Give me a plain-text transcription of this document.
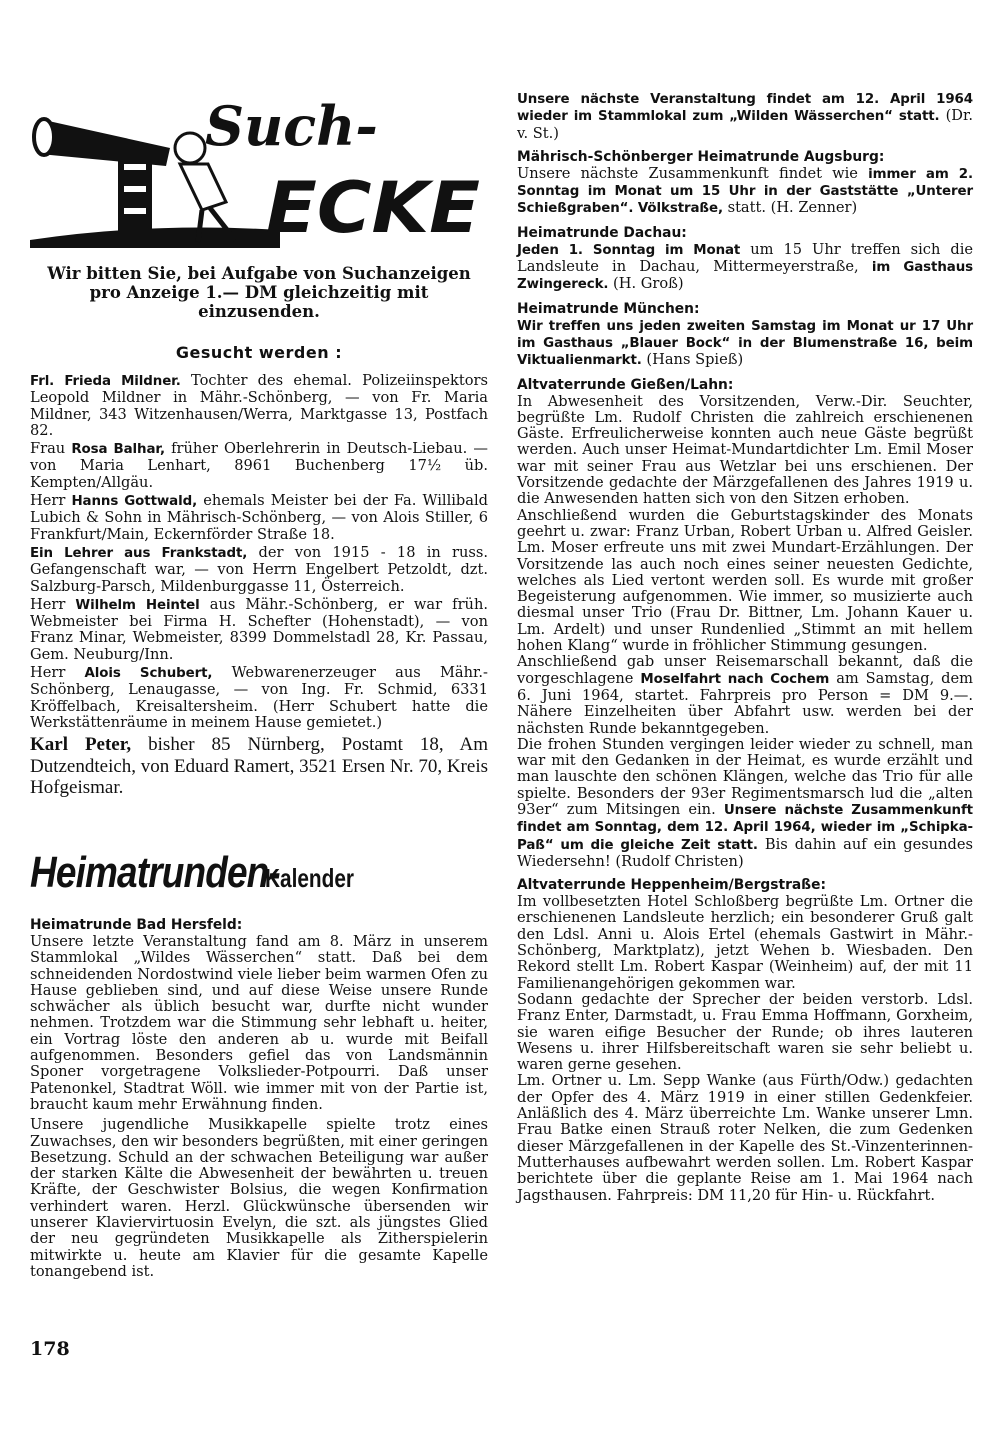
Such-
ECKE
Wir bitten Sie, bei Aufgabe von Suchanzeigen pro Anzeige 1.— DM gleichzeitig mit einzusenden.
Gesucht werden :

Frl. Frieda Mildner. Tochter des ehemal. Polizeiinspektors Leopold Mildner in Mähr.-Schönberg, — von Fr. Maria Mildner, 343 Witzenhausen/Werra, Marktgasse 13, Postfach 82.

Frau Rosa Balhar, früher Oberlehrerin in Deutsch-Liebau. — von Maria Lenhart, 8961 Buchenberg 17½ üb. Kempten/Allgäu.

Herr Hanns Gottwald, ehemals Meister bei der Fa. Willibald Lubich & Sohn in Mährisch-Schönberg, — von Alois Stiller, 6 Frankfurt/Main, Eckernförder Straße 18.

Ein Lehrer aus Frankstadt, der von 1915 - 18 in russ. Gefangenschaft war, — von Herrn Engelbert Petzoldt, dzt. Salzburg-Parsch, Mildenburggasse 11, Österreich.

Herr Wilhelm Heintel aus Mähr.-Schönberg, er war früh. Webmeister bei Firma H. Schefter (Hohenstadt), — von Franz Minar, Webmeister, 8399 Dommelstadl 28, Kr. Passau, Gem. Neuburg/Inn.

Herr Alois Schubert, Webwarenerzeuger aus Mähr.-Schönberg, Lenaugasse, — von Ing. Fr. Schmid, 6331 Kröffelbach, Kreisaltersheim. (Herr Schubert hatte die Werkstättenräume in meinem Hause gemietet.)

Karl Peter, bisher 85 Nürnberg, Postamt 18, Am Dutzendteich, von Eduard Ramert, 3521 Ersen Nr. 70, Kreis Hofgeismar.

Heimatrunden-Kalender
Heimatrunde Bad Hersfeld:

Unsere letzte Veranstaltung fand am 8. März in unserem Stammlokal „Wildes Wässerchen“ statt. Daß bei dem schneidenden Nordostwind viele lieber beim warmen Ofen zu Hause geblieben sind, und auf diese Weise unsere Runde schwächer als üblich besucht war, durfte nicht wunder nehmen. Trotzdem war die Stimmung sehr lebhaft u. heiter, ein Vortrag löste den anderen ab u. wurde mit Beifall aufgenommen. Besonders gefiel das von Landsmännin Sponer vorgetragene Volkslieder-Potpourri. Daß unser Patenonkel, Stadtrat Wöll. wie immer mit von der Partie ist, braucht kaum mehr Erwähnung finden.

Unsere jugendliche Musikkapelle spielte trotz eines Zuwachses, den wir besonders begrüßten, mit einer geringen Besetzung. Schuld an der schwachen Beteiligung war außer der starken Kälte die Abwesenheit der bewährten u. treuen Kräfte, der Geschwister Bolsius, die wegen Konfirmation verhindert waren. Herzl. Glückwünsche übersenden wir unserer Klaviervirtuosin Evelyn, die szt. als jüngstes Glied der neu gegründeten Musikkapelle als Zitherspielerin mitwirkte u. heute am Klavier für die gesamte Kapelle tonangebend ist.

178

Unsere nächste Veranstaltung findet am 12. April 1964 wieder im Stammlokal zum „Wilden Wässerchen“ statt. (Dr. v. St.)

Mährisch-Schönberger Heimatrunde Augsburg:

Unsere nächste Zusammenkunft findet wie immer am 2. Sonntag im Monat um 15 Uhr in der Gaststätte „Unterer Schießgraben“. Völkstraße, statt. (H. Zenner)

Heimatrunde Dachau:

Jeden 1. Sonntag im Monat um 15 Uhr treffen sich die Landsleute in Dachau, Mittermeyerstraße, im Gasthaus Zwingereck. (H. Groß)

Heimatrunde München:

Wir treffen uns jeden zweiten Samstag im Monat ur 17 Uhr im Gasthaus „Blauer Bock“ in der Blumenstraße 16, beim Viktualienmarkt. (Hans Spieß)

Altvaterrunde Gießen/Lahn:

In Abwesenheit des Vorsitzenden, Verw.-Dir. Seuchter, begrüßte Lm. Rudolf Christen die zahlreich erschienenen Gäste. Erfreulicherweise konnten auch neue Gäste begrüßt werden. Auch unser Heimat-Mundartdichter Lm. Emil Moser war mit seiner Frau aus Wetzlar bei uns erschienen. Der Vorsitzende gedachte der Märzgefallenen des Jahres 1919 u. die Anwesenden hatten sich von den Sitzen erhoben.

Anschließend wurden die Geburtstagskinder des Monats geehrt u. zwar: Franz Urban, Robert Urban u. Alfred Geisler. Lm. Moser erfreute uns mit zwei Mundart-Erzählungen. Der Vorsitzende las auch noch eines seiner neuesten Gedichte, welches als Lied vertont werden soll. Es wurde mit großer Begeisterung aufgenommen. Wie immer, so musizierte auch diesmal unser Trio (Frau Dr. Bittner, Lm. Johann Kauer u. Lm. Ardelt) und unser Rundenlied „Stimmt an mit hellem hohen Klang“ wurde in fröhlicher Stimmung gesungen.

Anschließend gab unser Reisemarschall bekannt, daß die vorgeschlagene Moselfahrt nach Cochem am Samstag, dem 6. Juni 1964, startet. Fahrpreis pro Person = DM 9.—. Nähere Einzelheiten über Abfahrt usw. werden bei der nächsten Runde bekanntgegeben.

Die frohen Stunden vergingen leider wieder zu schnell, man war mit den Gedanken in der Heimat, es wurde erzählt und man lauschte den schönen Klängen, welche das Trio für alle spielte. Besonders der 93er Regimentsmarsch lud die „alten 93er“ zum Mitsingen ein. Unsere nächste Zusammenkunft findet am Sonntag, dem 12. April 1964, wieder im „Schipka-Paß“ um die gleiche Zeit statt. Bis dahin auf ein gesundes Wiedersehn! (Rudolf Christen)

Altvaterrunde Heppenheim/Bergstraße:

Im vollbesetzten Hotel Schloßberg begrüßte Lm. Ortner die erschienenen Landsleute herzlich; ein besonderer Gruß galt den Ldsl. Anni u. Alois Ertel (ehemals Gastwirt in Mähr.-Schönberg, Marktplatz), jetzt Wehen b. Wiesbaden. Den Rekord stellt Lm. Robert Kaspar (Weinheim) auf, der mit 11 Familienangehörigen gekommen war.

Sodann gedachte der Sprecher der beiden verstorb. Ldsl. Franz Enter, Darmstadt, u. Frau Emma Hoffmann, Gorxheim, sie waren eifige Besucher der Runde; ob ihres lauteren Wesens u. ihrer Hilfsbereitschaft waren sie sehr beliebt u. waren gerne gesehen.

Lm. Ortner u. Lm. Sepp Wanke (aus Fürth/Odw.) gedachten der Opfer des 4. März 1919 in einer stillen Gedenkfeier. Anläßlich des 4. März überreichte Lm. Wanke unserer Lmn. Frau Batke einen Strauß roter Nelken, die zum Gedenken dieser Märzgefallenen in der Kapelle des St.-Vinzenterinnen-Mutterhauses aufbewahrt werden sollen. Lm. Robert Kaspar berichtete über die geplante Reise am 1. Mai 1964 nach Jagsthausen. Fahrpreis: DM 11,20 für Hin- u. Rückfahrt.
